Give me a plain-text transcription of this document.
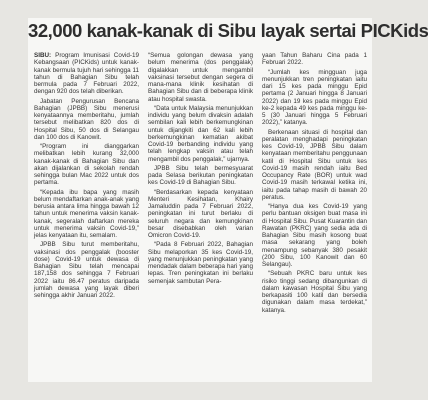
32,000 kanak-kanak di Sibu layak sertai PICKids

SIBU: Program Imunisasi Covid-19 Kebangsaan (PICKids) untuk kanak-kanak bermula tujuh hari sehingga 11 tahun di Bahagian Sibu telah bermula pada 7 Februari 2022, dengan 920 dos telah diberikan.

Jabatan Pengurusan Bencana Bahagian (JPBB) Sibu menerusi kenyataannya memberitahu, jumlah tersebut melibatkan 820 dos di Hospital Sibu, 50 dos di Selangau dan 100 dos di Kanowit.

“Program ini dianggarkan melibatkan lebih kurang 32,000 kanak-kanak di Bahagian Sibu dan akan dijalankan di sekolah rendah sehingga bulan Mac 2022 untuk dos pertama.

“Kepada ibu bapa yang masih belum mendaftarkan anak-anak yang berusia antara lima hingga bawah 12 tahun untuk menerima vaksin kanak-kanak, segeralah daftarkan mereka untuk menerima vaksin Covid-19,” jelas kenyataan itu, semalam.

JPBB Sibu turut memberitahu, vaksinasi dos penggalak (booster dose) Covid-19 untuk dewasa di Bahagian Sibu telah mencapai 187,158 dos sehingga 7 Februari 2022 iaitu 86.47 peratus daripada jumlah dewasa yang layak diberi sehingga akhir Januari 2022.

“Semua golongan dewasa yang belum menerima (dos penggalak) digalakkan untuk mengambil vaksinasi tersebut dengan segera di mana-mana klinik kesihatan di Bahagian Sibu dan di beberapa klinik atau hospital swasta.

“Data untuk Malaysia menunjukkan individu yang belum divaksin adalah sembilan kali lebih berkemungkinan untuk dijangkiti dan 62 kali lebih berkemungkinan kematian akibat Covid-19 berbanding individu yang telah lengkap vaksin atau telah mengambil dos penggalak,” ujarnya.

JPBB Sibu telah bermesyuarat pada Selasa berikutan peningkatan kes Covid-19 di Bahagian Sibu.

“Berdasarkan kepada kenyataan Menteri Kesihatan, Khairy Jamaluddin pada 7 Februari 2022, peningkatan ini turut berlaku di seluruh negara dan kemungkinan besar disebabkan oleh varian Omicron Covid-19.

“Pada 8 Februari 2022, Bahagian Sibu melaporkan 35 kes Covid-19, yang menunjukkan peningkatan yang mendadak dalam beberapa hari yang lepas. Tren peningkatan ini berlaku semenjak sambutan Pera-

yaan Tahun Baharu Cina pada 1 Februari 2022.

“Jumlah kes mingguan juga menunjukkan tren peningkatan iaitu dari 15 kes pada minggu Epid pertama (2 Januari hingga 8 Januari 2022) dan 19 kes pada minggu Epid ke-2 kepada 49 kes pada minggu ke-5 (30 Januari hingga 5 Februari 2022),” katanya.

Berkenaan situasi di hospital dan peralatan menghadapi peningkatan kes Covid-19, JPBB Sibu dalam kenyataan memberitahu penggunaan katil di Hospital Sibu untuk kes Covid-19 masih rendah iaitu Bed Occupancy Rate (BOR) untuk wad Covid-19 masih terkawal ketika ini, iaitu pada tahap masih di bawah 20 peratus.

“Hanya dua kes Covid-19 yang perlu bantuan oksigen buat masa ini di Hospital Sibu. Pusat Kuarantin dan Rawatan (PKRC) yang sedia ada di Bahagian Sibu masih kosong buat masa sekarang yang boleh menampung sebanyak 380 pesakit (200 Sibu, 100 Kanowit dan 60 Selangau).

“Sebuah PKRC baru untuk kes risiko tinggi sedang dibangunkan di dalam kawasan Hospital Sibu yang berkapasiti 100 katil dan bersedia digunakan dalam masa terdekat,” katanya.
